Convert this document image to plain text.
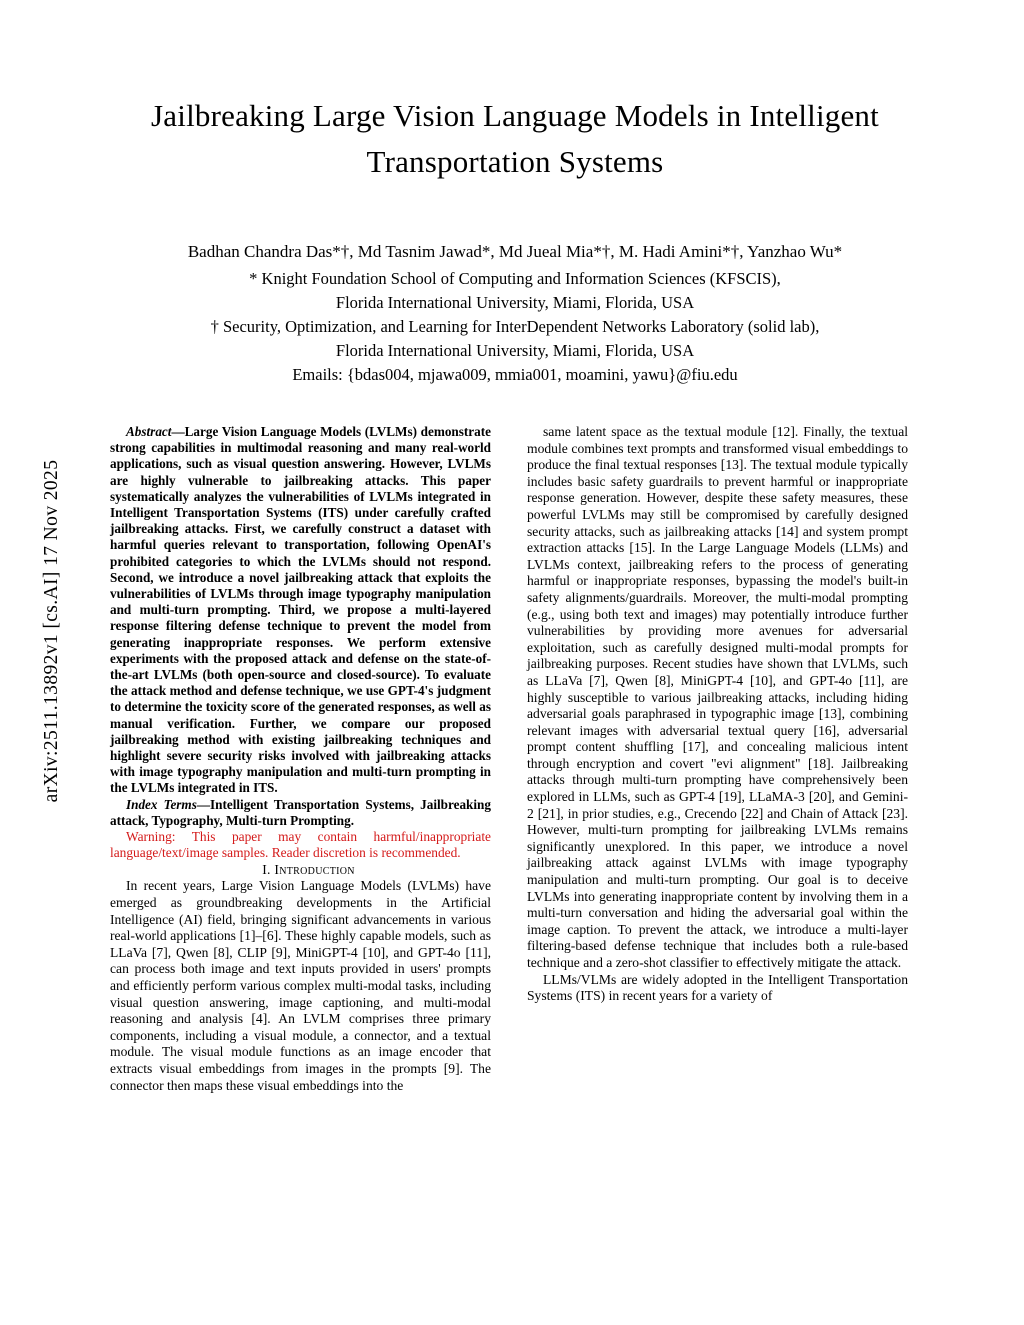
arXiv:2511.13892v1 [cs.AI] 17 Nov 2025
Jailbreaking Large Vision Language Models in Intelligent Transportation Systems
Badhan Chandra Das*†, Md Tasnim Jawad*, Md Jueal Mia*†, M. Hadi Amini*†, Yanzhao Wu*
* Knight Foundation School of Computing and Information Sciences (KFSCIS),
Florida International University, Miami, Florida, USA
† Security, Optimization, and Learning for InterDependent Networks Laboratory (solid lab),
Florida International University, Miami, Florida, USA
Emails: {bdas004, mjawa009, mmia001, moamini, yawu}@fiu.edu

Abstract—Large Vision Language Models (LVLMs) demonstrate strong capabilities in multimodal reasoning and many real-world applications, such as visual question answering. However, LVLMs are highly vulnerable to jailbreaking attacks. This paper systematically analyzes the vulnerabilities of LVLMs integrated in Intelligent Transportation Systems (ITS) under carefully crafted jailbreaking attacks. First, we carefully construct a dataset with harmful queries relevant to transportation, following OpenAI's prohibited categories to which the LVLMs should not respond. Second, we introduce a novel jailbreaking attack that exploits the vulnerabilities of LVLMs through image typography manipulation and multi-turn prompting. Third, we propose a multi-layered response filtering defense technique to prevent the model from generating inappropriate responses. We perform extensive experiments with the proposed attack and defense on the state-of-the-art LVLMs (both open-source and closed-source). To evaluate the attack method and defense technique, we use GPT-4's judgment to determine the toxicity score of the generated responses, as well as manual verification. Further, we compare our proposed jailbreaking method with existing jailbreaking techniques and highlight severe security risks involved with jailbreaking attacks with image typography manipulation and multi-turn prompting in the LVLMs integrated in ITS.

Index Terms—Intelligent Transportation Systems, Jailbreaking attack, Typography, Multi-turn Prompting.

Warning: This paper may contain harmful/inappropriate language/text/image samples. Reader discretion is recommended.

I. Introduction

In recent years, Large Vision Language Models (LVLMs) have emerged as groundbreaking developments in the Artificial Intelligence (AI) field, bringing significant advancements in various real-world applications [1]–[6]. These highly capable models, such as LLaVa [7], Qwen [8], CLIP [9], MiniGPT-4 [10], and GPT-4o [11], can process both image and text inputs provided in users' prompts and efficiently perform various complex multi-modal tasks, including visual question answering, image captioning, and multi-modal reasoning and analysis [4]. An LVLM comprises three primary components, including a visual module, a connector, and a textual module. The visual module functions as an image encoder that extracts visual embeddings from images in the prompts [9]. The connector then maps these visual embeddings into the

same latent space as the textual module [12]. Finally, the textual module combines text prompts and transformed visual embeddings to produce the final textual responses [13]. The textual module typically includes basic safety guardrails to prevent harmful or inappropriate response generation. However, despite these safety measures, these powerful LVLMs may still be compromised by carefully designed security attacks, such as jailbreaking attacks [14] and system prompt extraction attacks [15]. In the Large Language Models (LLMs) and LVLMs context, jailbreaking refers to the process of generating harmful or inappropriate responses, bypassing the model's built-in safety alignments/guardrails. Moreover, the multi-modal prompting (e.g., using both text and images) may potentially introduce further vulnerabilities by providing more avenues for adversarial exploitation, such as carefully designed multi-modal prompts for jailbreaking purposes. Recent studies have shown that LVLMs, such as LLaVa [7], Qwen [8], MiniGPT-4 [10], and GPT-4o [11], are highly susceptible to various jailbreaking attacks, including hiding adversarial goals paraphrased in typographic image [13], combining relevant images with adversarial textual query [16], adversarial prompt content shuffling [17], and concealing malicious intent through encryption and covert "evi alignment" [18]. Jailbreaking attacks through multi-turn prompting have comprehensively been explored in LLMs, such as GPT-4 [19], LLaMA-3 [20], and Gemini-2 [21], in prior studies, e.g., Crecendo [22] and Chain of Attack [23]. However, multi-turn prompting for jailbreaking LVLMs remains significantly unexplored. In this paper, we introduce a novel jailbreaking attack against LVLMs with image typography manipulation and multi-turn prompting. Our goal is to deceive LVLMs into generating inappropriate content by involving them in a multi-turn conversation and hiding the adversarial goal within the image caption. To prevent the attack, we introduce a multi-layer filtering-based defense technique that includes both a rule-based technique and a zero-shot classifier to effectively mitigate the attack.

LLMs/VLMs are widely adopted in the Intelligent Transportation Systems (ITS) in recent years for a variety of
